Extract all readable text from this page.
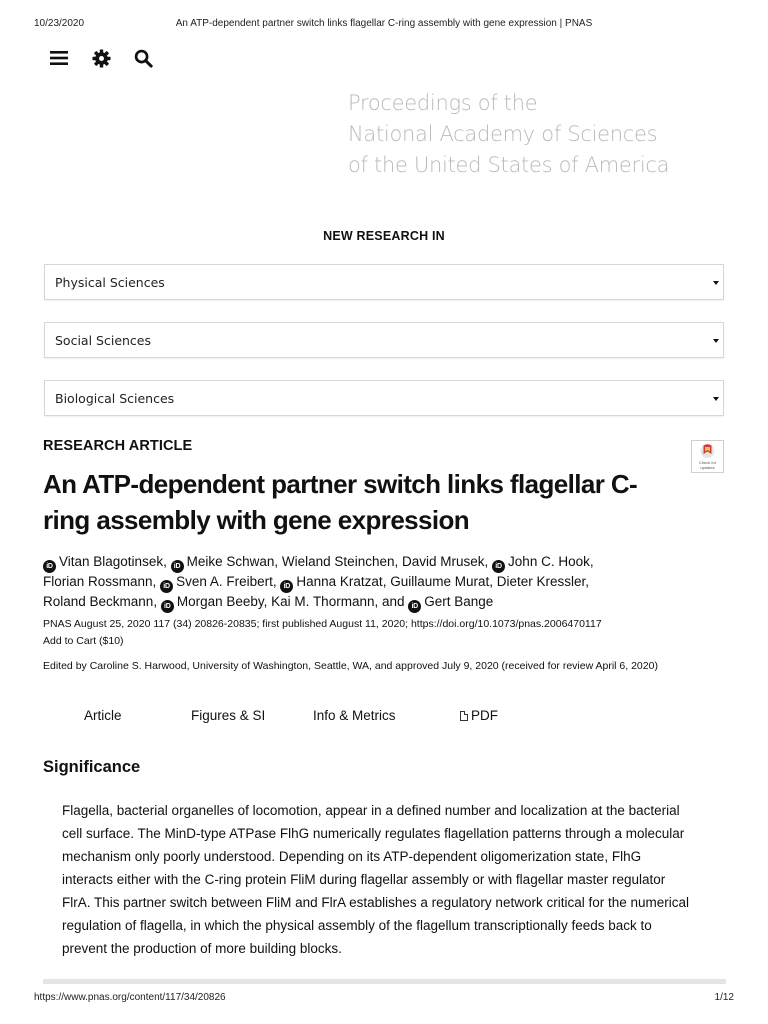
10/23/2020	An ATP-dependent partner switch links flagellar C-ring assembly with gene expression | PNAS
Proceedings of the
National Academy of Sciences
of the United States of America
NEW RESEARCH IN
Physical Sciences
Social Sciences
Biological Sciences
RESEARCH ARTICLE
Check for updates
An ATP-dependent partner switch links flagellar C-ring assembly with gene expression
iD Vitan Blagotinsek, iD Meike Schwan, Wieland Steinchen, David Mrusek, iD John C. Hook,
Florian Rossmann, iD Sven A. Freibert, iD Hanna Kratzat, Guillaume Murat, Dieter Kressler,
Roland Beckmann, iD Morgan Beeby, Kai M. Thormann, and iD Gert Bange
PNAS August 25, 2020 117 (34) 20826-20835; first published August 11, 2020; https://doi.org/10.1073/pnas.2006470117
Add to Cart ($10)
Edited by Caroline S. Harwood, University of Washington, Seattle, WA, and approved July 9, 2020 (received for review April 6, 2020)
Article	Figures & SI	Info & Metrics	PDF
Significance
Flagella, bacterial organelles of locomotion, appear in a defined number and localization at the bacterial
cell surface. The MinD-type ATPase FlhG numerically regulates flagellation patterns through a molecular
mechanism only poorly understood. Depending on its ATP-dependent oligomerization state, FlhG
interacts either with the C-ring protein FliM during flagellar assembly or with flagellar master regulator
FlrA. This partner switch between FliM and FlrA establishes a regulatory network critical for the numerical
regulation of flagella, in which the physical assembly of the flagellum transcriptionally feeds back to
prevent the production of more building blocks.
https://www.pnas.org/content/117/34/20826	1/12
